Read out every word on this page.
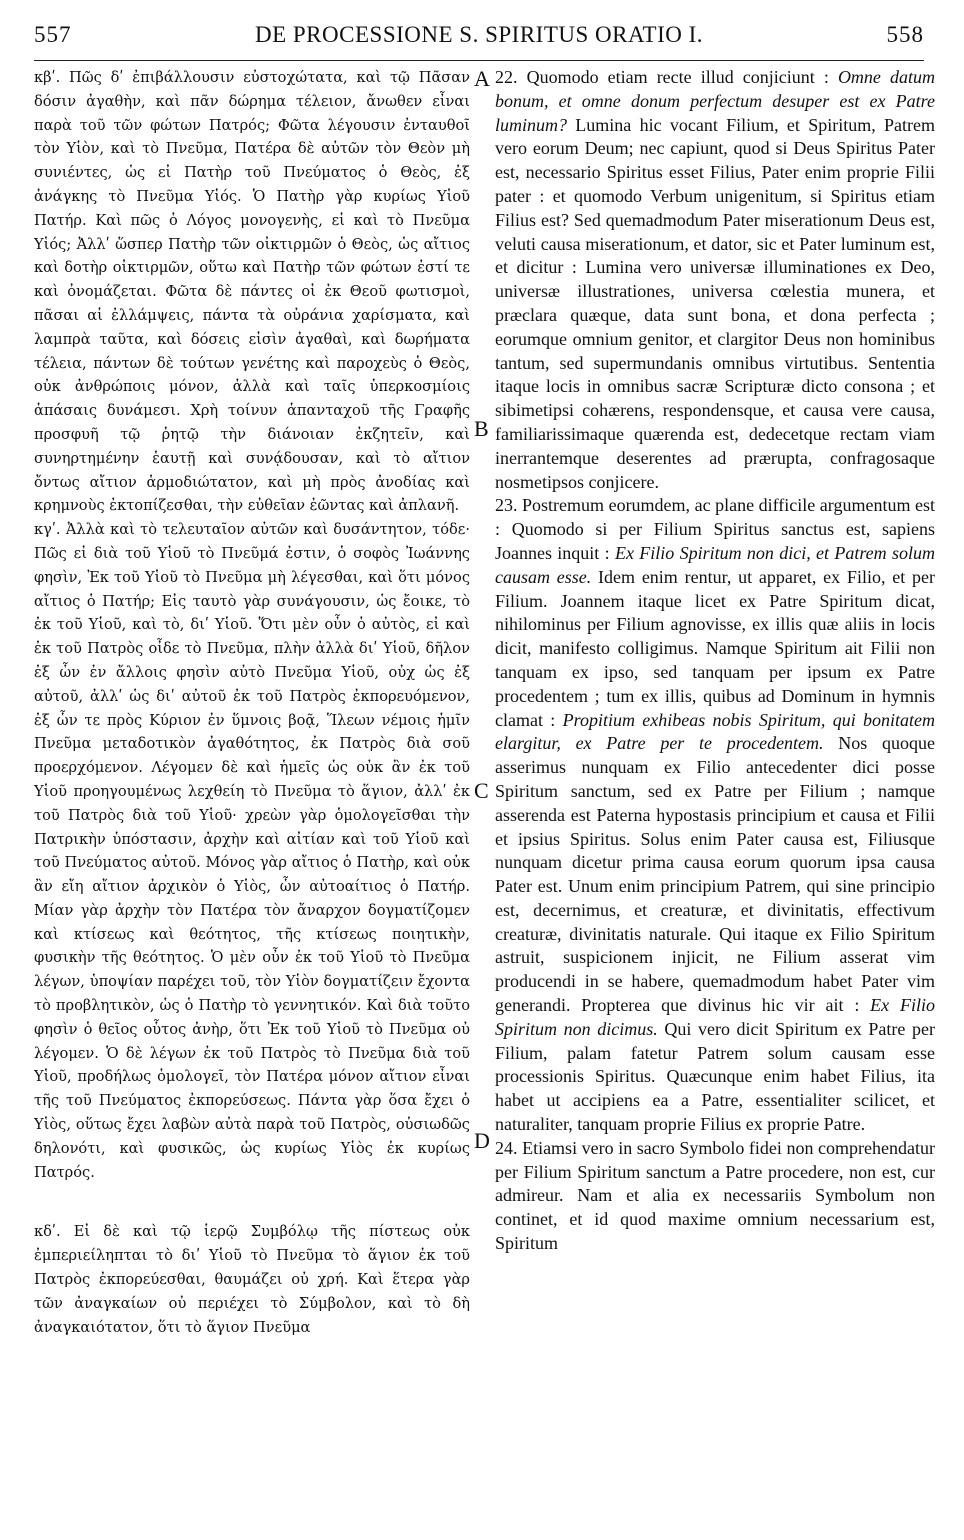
557	DE PROCESSIONE S. SPIRITUS ORATIO I.	558

κβʹ. Πῶς δʹ ἐπιβάλλουσιν εὐστοχώτατα, καὶ τῷ Πᾶσαν δόσιν ἀγαθὴν, καὶ πᾶν δώρημα τέλειον, ἄνωθεν εἶναι παρὰ τοῦ τῶν φώτων Πατρός; Φῶτα λέγουσιν ἐνταυθοῖ τὸν Υἱὸν, καὶ τὸ Πνεῦμα, Πατέρα δὲ αὐτῶν τὸν Θεὸν μὴ συνιέντες, ὡς εἰ Πατὴρ τοῦ Πνεύματος ὁ Θεὸς, ἐξ ἀνάγκης τὸ Πνεῦμα Υἱός. Ὁ Πατὴρ γὰρ κυρίως Υἱοῦ Πατήρ. Καὶ πῶς ὁ Λόγος μονογενὴς, εἰ καὶ τὸ Πνεῦμα Υἱός; Ἀλλʹ ὥσπερ Πατὴρ τῶν οἰκτιρμῶν ὁ Θεὸς, ὡς αἴτιος καὶ δοτὴρ οἰκτιρμῶν, οὕτω καὶ Πατὴρ τῶν φώτων ἐστί τε καὶ ὀνομάζεται. Φῶτα δὲ πάντες οἱ ἐκ Θεοῦ φωτισμοὶ, πᾶσαι αἱ ἐλλάμψεις, πάντα τὰ οὐράνια χαρίσματα, καὶ λαμπρὰ ταῦτα, καὶ δόσεις εἰσὶν ἀγαθαὶ, καὶ δωρήματα τέλεια, πάντων δὲ τούτων γενέτης καὶ παροχεὺς ὁ Θεὸς, οὐκ ἀνθρώποις μόνον, ἀλλὰ καὶ ταῖς ὑπερκοσμίοις ἁπάσαις δυνάμεσι. Χρὴ τοίνυν ἁπανταχοῦ τῆς Γραφῆς προσφυῆ τῷ ῥητῷ τὴν διάνοιαν ἐκζητεῖν, καὶ συνηρτημένην ἑαυτῇ καὶ συνᾴδουσαν, καὶ τὸ αἴτιον ὄντως αἴτιον ἁρμοδιώτατον, καὶ μὴ πρὸς ἀνοδίας καὶ κρημνοὺς ἐκτοπίζεσθαι, τὴν εὐθεῖαν ἐῶντας καὶ ἀπλανῆ.

κγʹ. Ἀλλὰ καὶ τὸ τελευταῖον αὐτῶν καὶ δυσάντητον, τόδε· Πῶς εἰ διὰ τοῦ Υἱοῦ τὸ Πνεῦμά ἐστιν, ὁ σοφὸς Ἰωάννης φησὶν, Ἐκ τοῦ Υἱοῦ τὸ Πνεῦμα μὴ λέγεσθαι, καὶ ὅτι μόνος αἴτιος ὁ Πατήρ; Εἰς ταυτὸ γὰρ συνάγουσιν, ὡς ἔοικε, τὸ ἐκ τοῦ Υἱοῦ, καὶ τὸ, διʹ Υἱοῦ. Ὅτι μὲν οὖν ὁ αὐτὸς, εἰ καὶ ἐκ τοῦ Πατρὸς οἶδε τὸ Πνεῦμα, πλὴν ἀλλὰ διʹ Υἱοῦ, δῆλον ἐξ ὧν ἐν ἄλλοις φησὶν αὐτὸ Πνεῦμα Υἱοῦ, οὐχ ὡς ἐξ αὐτοῦ, ἀλλʹ ὡς διʹ αὐτοῦ ἐκ τοῦ Πατρὸς ἐκπορευόμενον, ἐξ ὧν τε πρὸς Κύριον ἐν ὕμνοις βοᾷ, Ἵλεων νέμοις ἡμῖν Πνεῦμα μεταδοτικὸν ἀγαθότητος, ἐκ Πατρὸς διὰ σοῦ προερχόμενον. Λέγομεν δὲ καὶ ἡμεῖς ὡς οὐκ ἂν ἐκ τοῦ Υἱοῦ προηγουμένως λεχθείη τὸ Πνεῦμα τὸ ἅγιον, ἀλλʹ ἐκ τοῦ Πατρὸς διὰ τοῦ Υἱοῦ· χρεὼν γὰρ ὁμολογεῖσθαι τὴν Πατρικὴν ὑπόστασιν, ἀρχὴν καὶ αἰτίαν καὶ τοῦ Υἱοῦ καὶ τοῦ Πνεύματος αὐτοῦ. Μόνος γὰρ αἴτιος ὁ Πατὴρ, καὶ οὐκ ἂν εἴη αἴτιον ἀρχικὸν ὁ Υἱὸς, ὧν αὐτοαίτιος ὁ Πατήρ. Μίαν γὰρ ἀρχὴν τὸν Πατέρα τὸν ἄναρχον δογματίζομεν καὶ κτίσεως καὶ θεότητος, τῆς κτίσεως ποιητικὴν, φυσικὴν τῆς θεότητος. Ὁ μὲν οὖν ἐκ τοῦ Υἱοῦ τὸ Πνεῦμα λέγων, ὑποψίαν παρέχει τοῦ, τὸν Υἱὸν δογματίζειν ἔχοντα τὸ προβλητικὸν, ὡς ὁ Πατὴρ τὸ γεννητικόν. Καὶ διὰ τοῦτο φησὶν ὁ θεῖος οὗτος ἀνὴρ, ὅτι Ἐκ τοῦ Υἱοῦ τὸ Πνεῦμα οὐ λέγομεν. Ὁ δὲ λέγων ἐκ τοῦ Πατρὸς τὸ Πνεῦμα διὰ τοῦ Υἱοῦ, προδήλως ὁμολογεῖ, τὸν Πατέρα μόνον αἴτιον εἶναι τῆς τοῦ Πνεύματος ἐκπορεύσεως. Πάντα γὰρ ὅσα ἔχει ὁ Υἱὸς, οὕτως ἔχει λαβὼν αὐτὰ παρὰ τοῦ Πατρὸς, οὐσιωδῶς δηλονότι, καὶ φυσικῶς, ὡς κυρίως Υἱὸς ἐκ κυρίως Πατρός.

κδʹ. Εἰ δὲ καὶ τῷ ἱερῷ Συμβόλῳ τῆς πίστεως οὐκ ἐμπεριείληπται τὸ διʹ Υἱοῦ τὸ Πνεῦμα τὸ ἅγιον ἐκ τοῦ Πατρὸς ἐκπορεύεσθαι, θαυμάζει οὐ χρή. Καὶ ἕτερα γὰρ τῶν ἀναγκαίων οὐ περιέχει τὸ Σύμβολον, καὶ τὸ δὴ ἀναγκαιότατον, ὅτι τὸ ἅγιον Πνεῦμα

A
B
C
D

22. Quomodo etiam recte illud conjiciunt : Omne datum bonum, et omne donum perfectum desuper est ex Patre luminum? Lumina hic vocant Filium, et Spiritum, Patrem vero eorum Deum; nec capiunt, quod si Deus Spiritus Pater est, necessario Spiritus esset Filius, Pater enim proprie Filii pater : et quomodo Verbum unigenitum, si Spiritus etiam Filius est? Sed quemadmodum Pater miserationum Deus est, veluti causa miserationum, et dator, sic et Pater luminum est, et dicitur : Lumina vero universæ illuminationes ex Deo, universæ illustrationes, universa cœlestia munera, et præclara quæque, data sunt bona, et dona perfecta ; eorumque omnium genitor, et clargitor Deus non hominibus tantum, sed supermundanis omnibus virtutibus. Sententia itaque locis in omnibus sacræ Scripturæ dicto consona ; et sibimetipsi cohærens, respondensque, et causa vere causa, familiarissimaque quærenda est, dedecetque rectam viam inerrantemque deserentes ad prærupta, confragosaque nosmetipsos conjicere.

23. Postremum eorumdem, ac plane difficile argumentum est : Quomodo si per Filium Spiritus sanctus est, sapiens Joannes inquit : Ex Filio Spiritum non dici, et Patrem solum causam esse. Idem enim rentur, ut apparet, ex Filio, et per Filium. Joannem itaque licet ex Patre Spiritum dicat, nihilominus per Filium agnovisse, ex illis quæ aliis in locis dicit, manifesto colligimus. Namque Spiritum ait Filii non tanquam ex ipso, sed tanquam per ipsum ex Patre procedentem ; tum ex illis, quibus ad Dominum in hymnis clamat : Propitium exhibeas nobis Spiritum, qui bonitatem elargitur, ex Patre per te procedentem. Nos quoque asserimus nunquam ex Filio antecedenter dici posse Spiritum sanctum, sed ex Patre per Filium ; namque asserenda est Paterna hypostasis principium et causa et Filii et ipsius Spiritus. Solus enim Pater causa est, Filiusque nunquam dicetur prima causa eorum quorum ipsa causa Pater est. Unum enim principium Patrem, qui sine principio est, decernimus, et creaturæ, et divinitatis, effectivum creaturæ, divinitatis naturale. Qui itaque ex Filio Spiritum astruit, suspicionem injicit, ne Filium asserat vim producendi in se habere, quemadmodum habet Pater vim generandi. Propterea que divinus hic vir ait : Ex Filio Spiritum non dicimus. Qui vero dicit Spiritum ex Patre per Filium, palam fatetur Patrem solum causam esse processionis Spiritus. Quæcunque enim habet Filius, ita habet ut accipiens ea a Patre, essentialiter scilicet, et naturaliter, tanquam proprie Filius ex proprie Patre.

24. Etiamsi vero in sacro Symbolo fidei non comprehendatur per Filium Spiritum sanctum a Patre procedere, non est, cur admireur. Nam et alia ex necessariis Symbolum non continet, et id quod maxime omnium necessarium est, Spiritum
